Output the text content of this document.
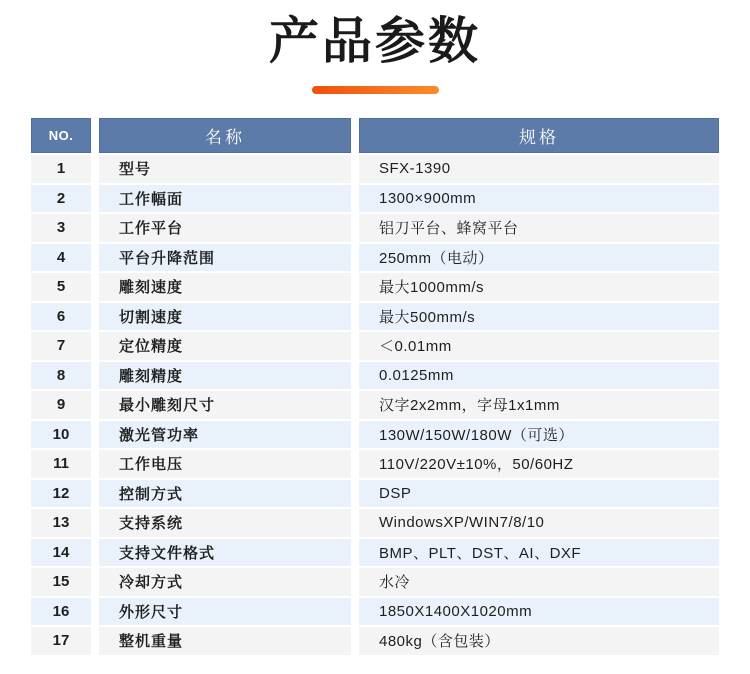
产品参数
NO.	名称	规格
1	型号	SFX-1390
2	工作幅面	1300×900mm
3	工作平台	铝刀平台、蜂窝平台
4	平台升降范围	250mm（电动）
5	雕刻速度	最大1000mm/s
6	切割速度	最大500mm/s
7	定位精度	＜0.01mm
8	雕刻精度	0.0125mm
9	最小雕刻尺寸	汉字2x2mm，字母1x1mm
10	激光管功率	130W/150W/180W（可选）
11	工作电压	110V/220V±10%，50/60HZ
12	控制方式	DSP
13	支持系统	WindowsXP/WIN7/8/10
14	支持文件格式	BMP、PLT、DST、AI、DXF
15	冷却方式	水冷
16	外形尺寸	1850X1400X1020mm
17	整机重量	480kg（含包装）
